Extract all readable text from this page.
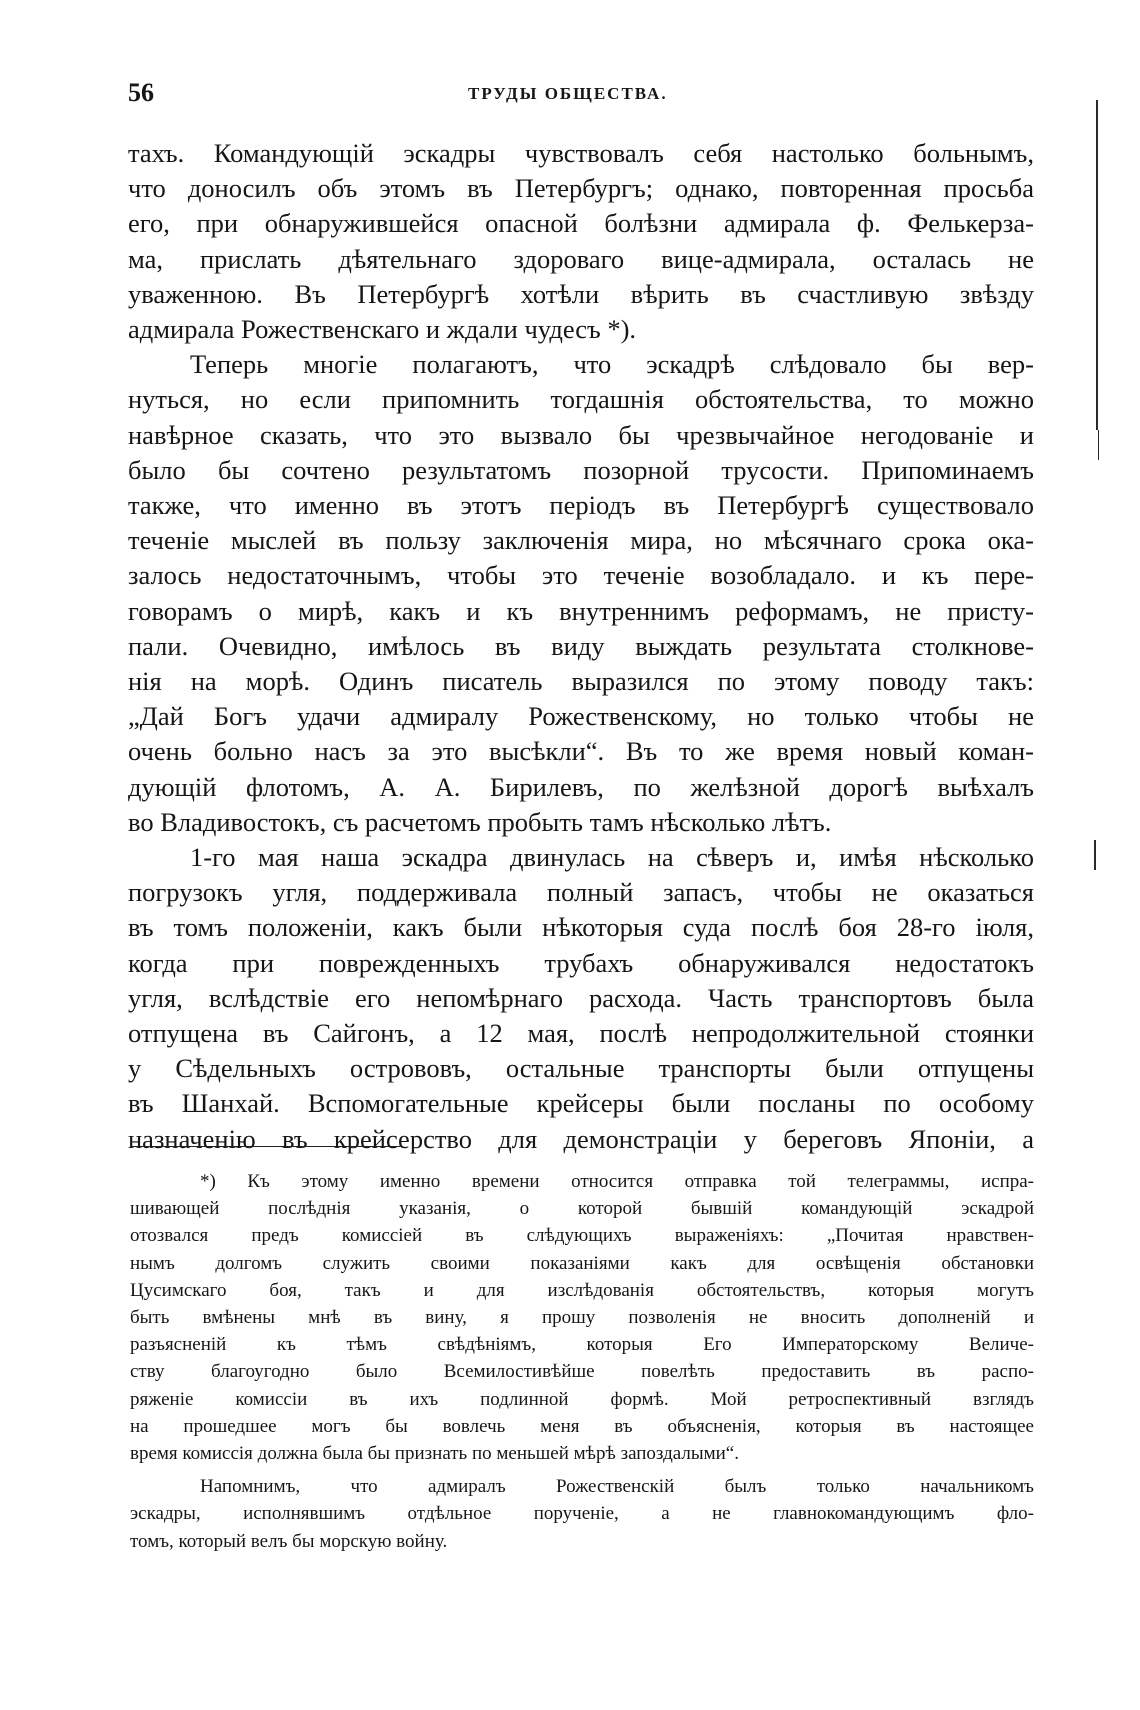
56	ТРУДЫ ОБЩЕСТВА.
тахъ. Командующій эскадры чувствовалъ себя настолько больнымъ,
что доносилъ объ этомъ въ Петербургъ; однако, повторенная просьба
его, при обнаружившейся опасной болѣзни адмирала ф. Фелькерза-
ма, прислать дѣятельнаго здороваго вице-адмирала, осталась не
уваженною. Въ Петербургѣ хотѣли вѣрить въ счастливую звѣзду
адмирала Рожественскаго и ждали чудесъ *).
Теперь многіе полагаютъ, что эскадрѣ слѣдовало бы вер-
нуться, но если припомнить тогдашнія обстоятельства, то можно
навѣрное сказать, что это вызвало бы чрезвычайное негодованіе и
было бы сочтено результатомъ позорной трусости. Припоминаемъ
также, что именно въ этотъ періодъ въ Петербургѣ существовало
теченіе мыслей въ пользу заключенія мира, но мѣсячнаго срока ока-
залось недостаточнымъ, чтобы это теченіе возобладало. и къ пере-
говорамъ о мирѣ, какъ и къ внутреннимъ реформамъ, не присту-
пали. Очевидно, имѣлось въ виду выждать результата столкнове-
нія на морѣ. Одинъ писатель выразился по этому поводу такъ:
„Дай Богъ удачи адмиралу Рожественскому, но только чтобы не
очень больно насъ за это высѣкли“. Въ то же время новый коман-
дующій флотомъ, А. А. Бирилевъ, по желѣзной дорогѣ выѣхалъ
во Владивостокъ, съ расчетомъ пробыть тамъ нѣсколько лѣтъ.
1-го мая наша эскадра двинулась на сѣверъ и, имѣя нѣсколько
погрузокъ угля, поддерживала полный запасъ, чтобы не оказаться
въ томъ положеніи, какъ были нѣкоторыя суда послѣ боя 28-го іюля,
когда при поврежденныхъ трубахъ обнаруживался недостатокъ
угля, вслѣдствіе его непомѣрнаго расхода. Часть транспортовъ была
отпущена въ Сайгонъ, а 12 мая, послѣ непродолжительной стоянки
у Сѣдельныхъ острововъ, остальные транспорты были отпущены
въ Шанхай. Вспомогательные крейсеры были посланы по особому
назначенію въ крейсерство для демонстраціи у береговъ Японіи, а
*) Къ этому именно времени относится отправка той телеграммы, испра-
шивающей послѣднія указанія, о которой бывшій командующій эскадрой
отозвался предъ комиссіей въ слѣдующихъ выраженіяхъ: „Почитая нравствен-
нымъ долгомъ служить своими показаніями какъ для освѣщенія обстановки
Цусимскаго боя, такъ и для изслѣдованія обстоятельствъ, которыя могутъ
быть вмѣнены мнѣ въ вину, я прошу позволенія не вносить дополненій и
разъясненій къ тѣмъ свѣдѣніямъ, которыя Его Императорскому Величе-
ству благоугодно было Всемилостивѣйше повелѣть предоставить въ распо-
ряженіе комиссіи въ ихъ подлинной формѣ. Мой ретроспективный взглядъ
на прошедшее могъ бы вовлечь меня въ объясненія, которыя въ настоящее
время комиссія должна была бы признать по меньшей мѣрѣ запоздалыми“.
Напомнимъ, что адмиралъ Рожественскій былъ только начальникомъ
эскадры, исполнявшимъ отдѣльное порученіе, а не главнокомандующимъ фло-
томъ, который велъ бы морскую войну.
